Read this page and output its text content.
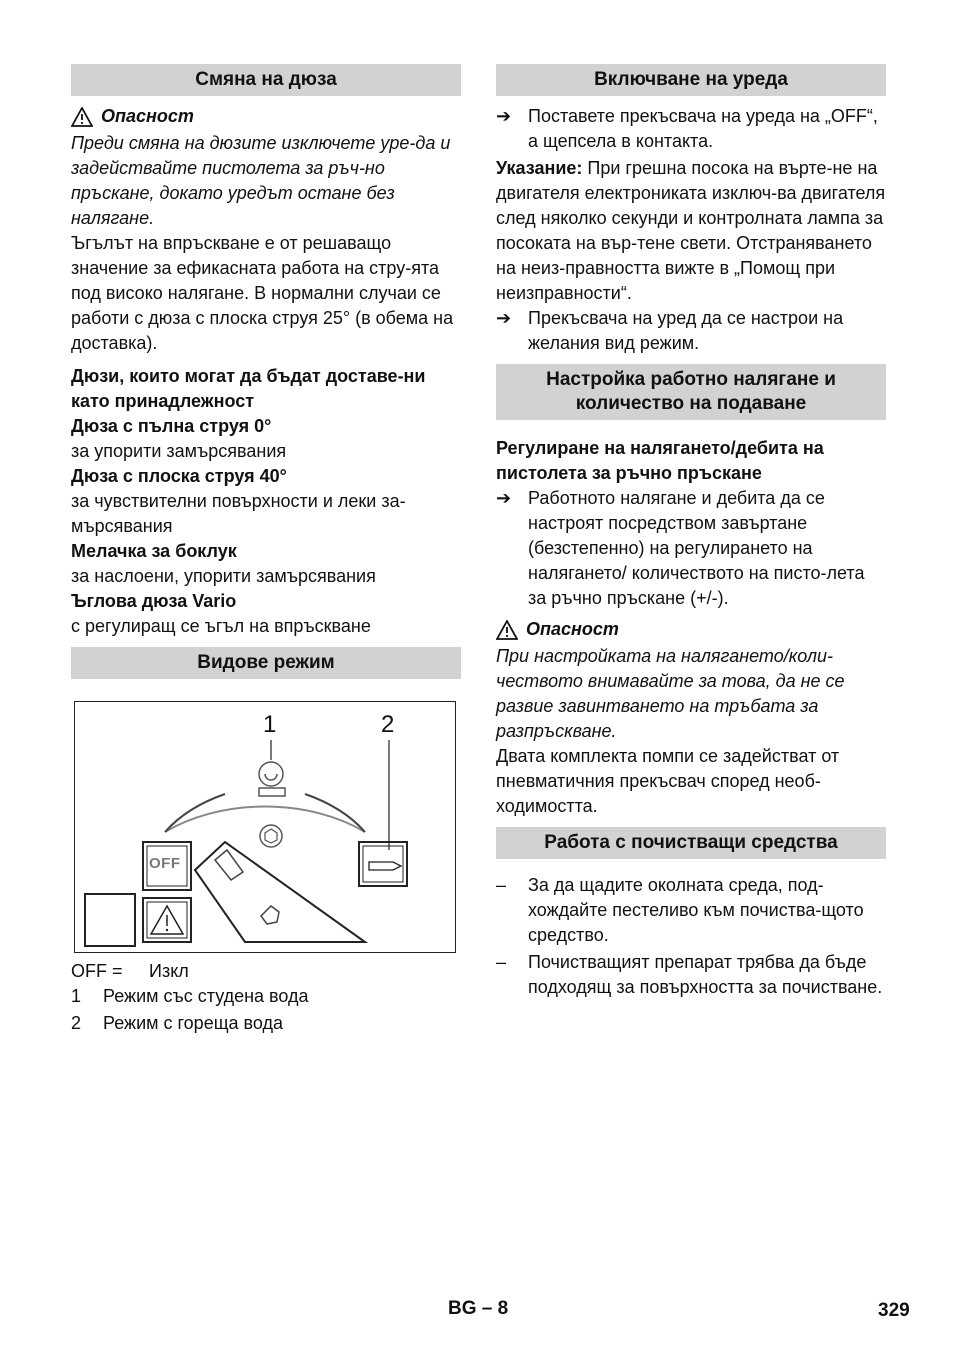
Смяна на дюза
Опасност

Преди смяна на дюзите изключете уре-да и задействайте пистолета за ръч-но пръскане, докато уредът остане без налягане.

Ъгълът на впръскване е от решаващо значение за ефикасната работа на стру-ята под високо налягане. В нормални случаи се работи с дюза с плоска струя 25° (в обема на доставка).

Дюзи, които могат да бъдат доставе-ни като принадлежност

Дюза с пълна струя 0°

за упорити замърсявания

Дюза с плоска струя 40°

за чувствителни повърхности и леки за-мърсявания

Мелачка за боклук

за наслоени, упорити замърсявания

Ъглова дюза Vario

с регулиращ се ъгъл на впръскване

Видове режим
1	2
OFF
OFF =	Изкл
1	Режим със студена вода
2	Режим с гореща вода
Включване на уреда
➔ Поставете прекъсвача на уреда на „OFF“, а щепсела в контакта.

Указание: При грешна посока на върте-не на двигателя електрониката изключ-ва двигателя след няколко секунди и контролната лампа за посоката на вър-тене свети. Отстраняването на неиз-правността вижте в „Помощ при неизправности“.

➔ Прекъсвача на уред да се настрои на желания вид режим.
Настройка работно налягане и количество на подаване

Регулиране на налягането/дебита на пистолета за ръчно пръскане

➔ Работното налягане и дебита да се настроят посредством завъртане (безстепенно) на регулирането на налягането/ количеството на писто-лета за ръчно пръскане (+/-).
Опасност

При настройката на налягането/коли-чеството внимавайте за това, да не се развие завинтването на тръбата за разпръскване.

Двата комплекта помпи се задействат от пневматичния прекъсвач според необ-ходимостта.

Работа с почистващи средства
–	За да щадите околната среда, под-хождайте пестеливо към почиства-щото средство.
–	Почистващият препарат трябва да бъде подходящ за повърхността за почистване.
BG – 8	329
